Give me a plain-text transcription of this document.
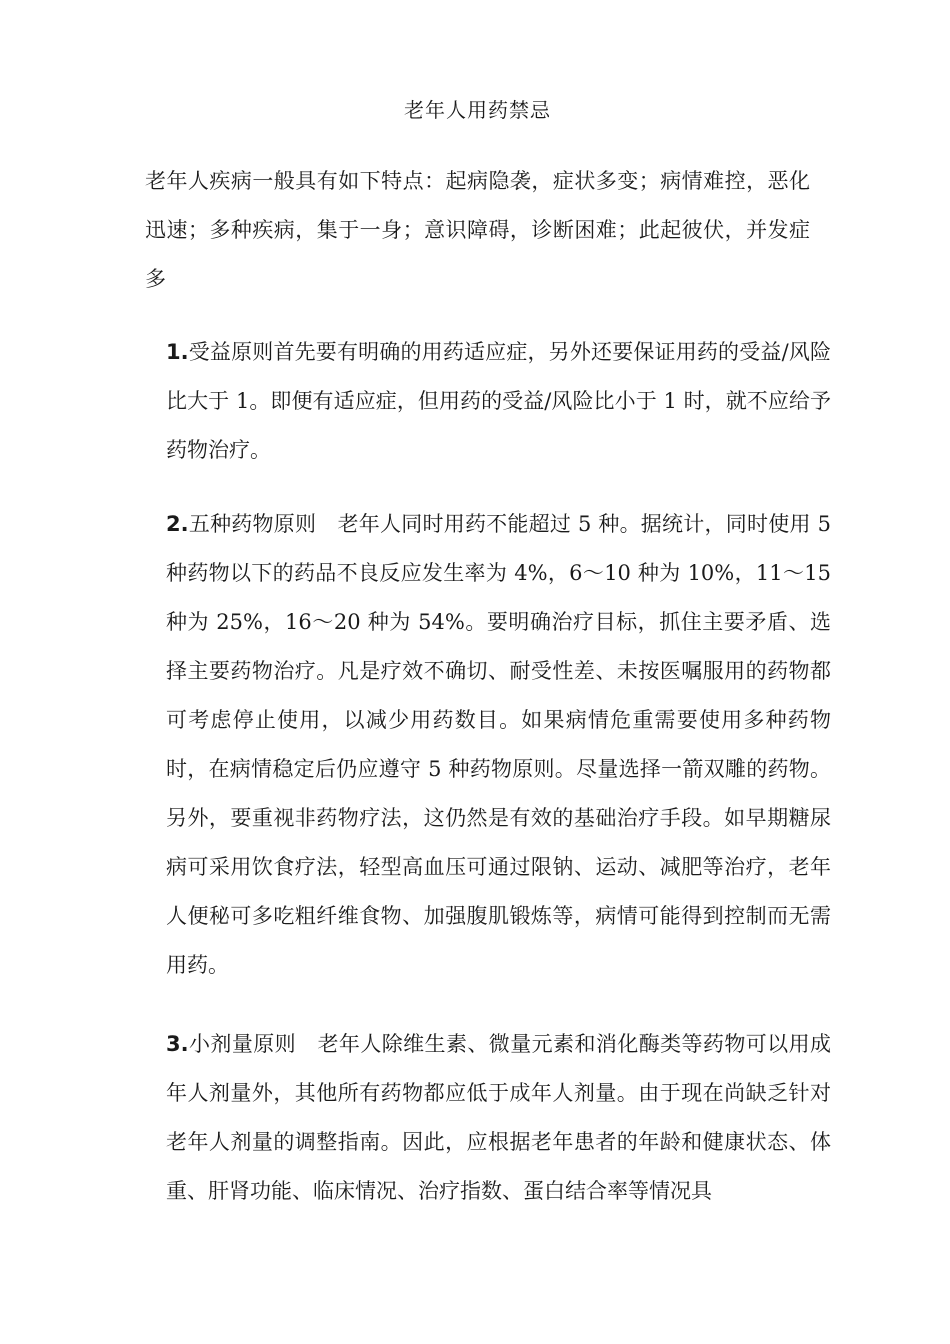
老年人用药禁忌

老年人疾病一般具有如下特点：起病隐袭，症状多变；病情难控，恶化迅速；多种疾病，集于一身；意识障碍，诊断困难；此起彼伏，并发症多

1.受益原则首先要有明确的用药适应症，另外还要保证用药的受益/风险比大于 1。即便有适应症，但用药的受益/风险比小于 1 时，就不应给予药物治疗。

2.五种药物原则　老年人同时用药不能超过 5 种。据统计，同时使用 5 种药物以下的药品不良反应发生率为 4%，6～10 种为 10%，11～15 种为 25%，16～20 种为 54%。要明确治疗目标，抓住主要矛盾、选择主要药物治疗。凡是疗效不确切、耐受性差、未按医嘱服用的药物都可考虑停止使用，以减少用药数目。如果病情危重需要使用多种药物时，在病情稳定后仍应遵守 5 种药物原则。尽量选择一箭双雕的药物。另外，要重视非药物疗法，这仍然是有效的基础治疗手段。如早期糖尿病可采用饮食疗法，轻型高血压可通过限钠、运动、减肥等治疗，老年人便秘可多吃粗纤维食物、加强腹肌锻炼等，病情可能得到控制而无需用药。

3.小剂量原则　老年人除维生素、微量元素和消化酶类等药物可以用成年人剂量外，其他所有药物都应低于成年人剂量。由于现在尚缺乏针对老年人剂量的调整指南。因此，应根据老年患者的年龄和健康状态、体重、肝肾功能、临床情况、治疗指数、蛋白结合率等情况具
